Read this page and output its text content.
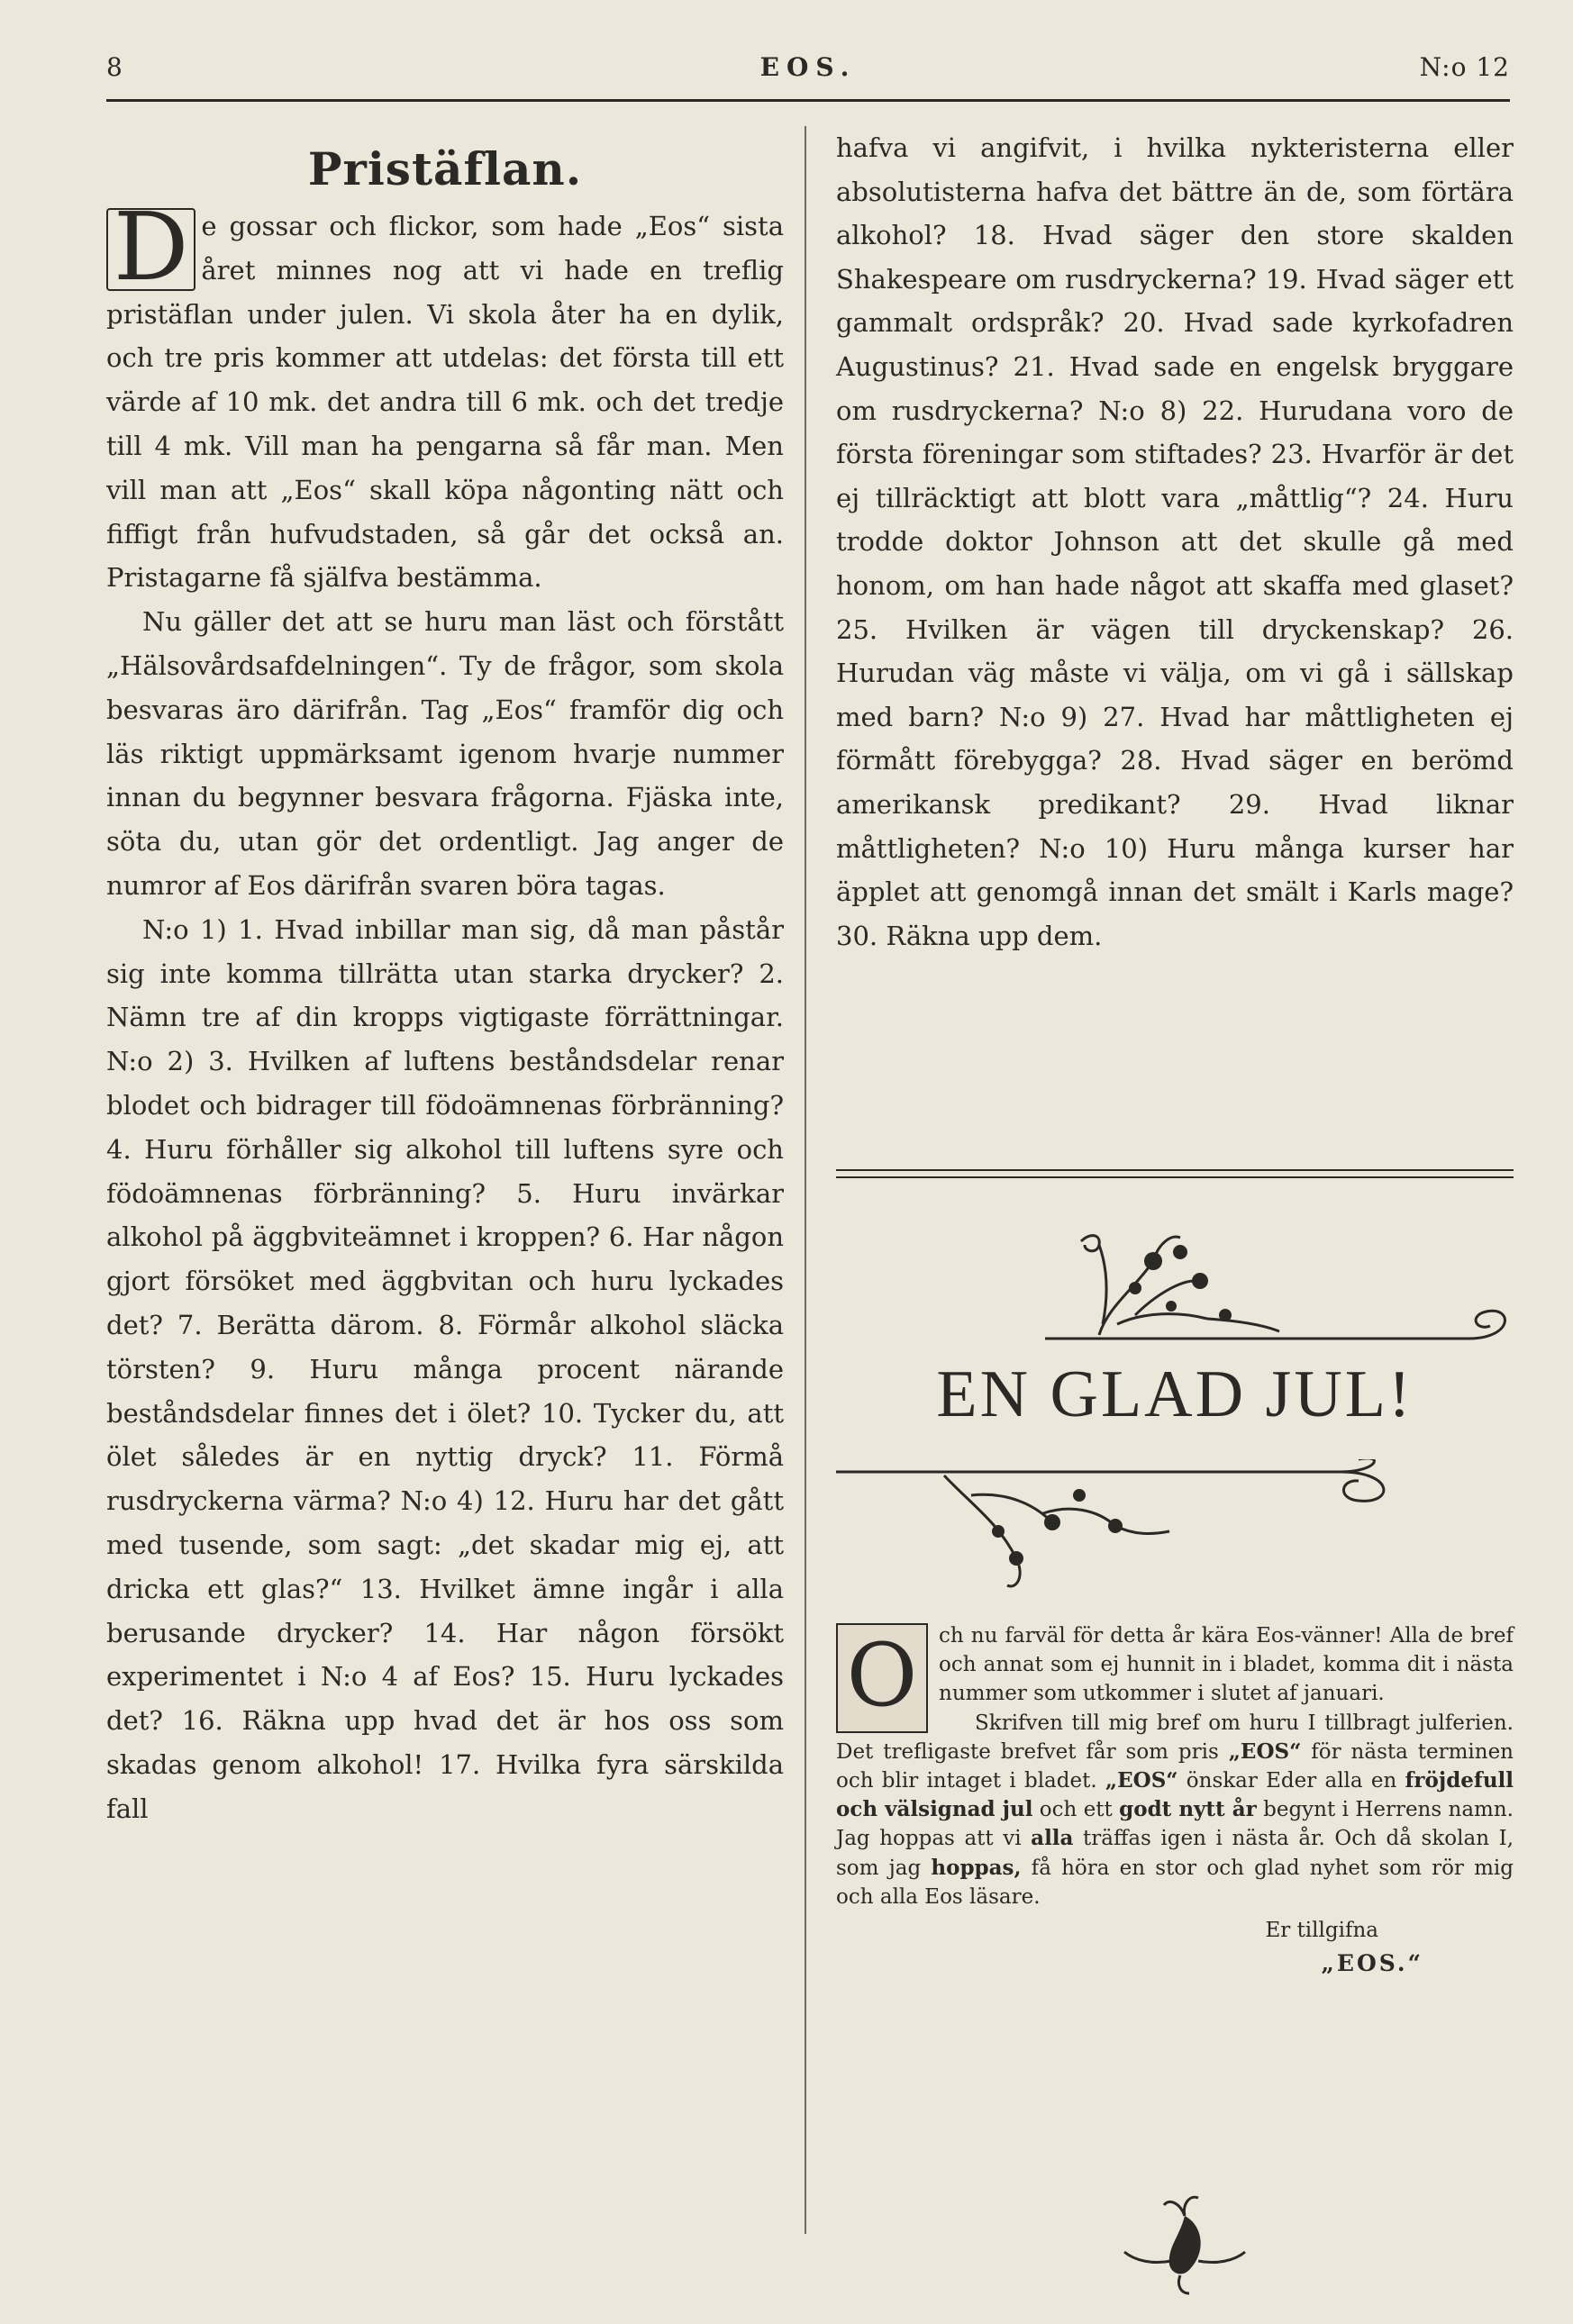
8	EOS.	N:o 12
Pristäflan.

D e gossar och flickor, som hade „Eos“ sista året minnes nog att vi hade en treflig pristäflan under julen. Vi skola åter ha en dylik, och tre pris kommer att utdelas: det första till ett värde af 10 mk. det andra till 6 mk. och det tredje till 4 mk. Vill man ha pengarna så får man. Men vill man att „Eos“ skall köpa någonting nätt och fiffigt från hufvudstaden, så går det också an. Pristagarne få själfva bestämma.

Nu gäller det att se huru man läst och förstått „Hälsovårdsafdelningen“. Ty de frågor, som skola besvaras äro därifrån. Tag „Eos“ framför dig och läs riktigt uppmärksamt igenom hvarje nummer innan du begynner besvara frågorna. Fjäska inte, söta du, utan gör det ordentligt. Jag anger de numror af Eos därifrån svaren böra tagas.

N:o 1) 1. Hvad inbillar man sig, då man påstår sig inte komma tillrätta utan starka drycker? 2. Nämn tre af din kropps vigtigaste förrättningar. N:o 2) 3. Hvilken af luftens beståndsdelar renar blodet och bidrager till födoämnenas förbränning? 4. Huru förhåller sig alkohol till luftens syre och födoämnenas förbränning? 5. Huru invärkar alkohol på äggbviteämnet i kroppen? 6. Har någon gjort försöket med äggbvitan och huru lyckades det? 7. Berätta därom. 8. Förmår alkohol släcka törsten? 9. Huru många procent närande beståndsdelar finnes det i ölet? 10. Tycker du, att ölet således är en nyttig dryck? 11. Förmå rusdryckerna värma? N:o 4) 12. Huru har det gått med tusende, som sagt: „det skadar mig ej, att dricka ett glas?“ 13. Hvilket ämne ingår i alla berusande drycker? 14. Har någon försökt experimentet i N:o 4 af Eos? 15. Huru lyckades det? 16. Räkna upp hvad det är hos oss som skadas genom alkohol! 17. Hvilka fyra särskilda fall

hafva vi angifvit, i hvilka nykteristerna eller absolutisterna hafva det bättre än de, som förtära alkohol? 18. Hvad säger den store skalden Shakespeare om rusdryckerna? 19. Hvad säger ett gammalt ordspråk? 20. Hvad sade kyrkofadren Augustinus? 21. Hvad sade en engelsk bryggare om rusdryckerna? N:o 8) 22. Hurudana voro de första föreningar som stiftades? 23. Hvarför är det ej tillräcktigt att blott vara „måttlig“? 24. Huru trodde doktor Johnson att det skulle gå med honom, om han hade något att skaffa med glaset? 25. Hvilken är vägen till dryckenskap? 26. Hurudan väg måste vi välja, om vi gå i sällskap med barn? N:o 9) 27. Hvad har måttligheten ej förmått förebygga? 28. Hvad säger en berömd amerikansk predikant? 29. Hvad liknar måttligheten? N:o 10) Huru många kurser har äpplet att genomgå innan det smält i Karls mage? 30. Räkna upp dem.

EN GLAD JUL!
O	ch nu farväl för detta år kära Eos-vänner! Alla de bref och annat som ej hunnit in i bladet, komma dit i nästa nummer som utkommer i slutet af januari.

Skrifven till mig bref om huru I tillbragt julferien. Det trefligaste brefvet får som pris „EOS“ för nästa terminen och blir intaget i bladet. „EOS“ önskar Eder alla en fröjdefull och välsignad jul och ett godt nytt år begynt i Herrens namn. Jag hoppas att vi alla träffas igen i nästa år. Och då skolan I, som jag hoppas, få höra en stor och glad nyhet som rör mig och alla Eos läsare.

Er tillgifna
„EOS.“
